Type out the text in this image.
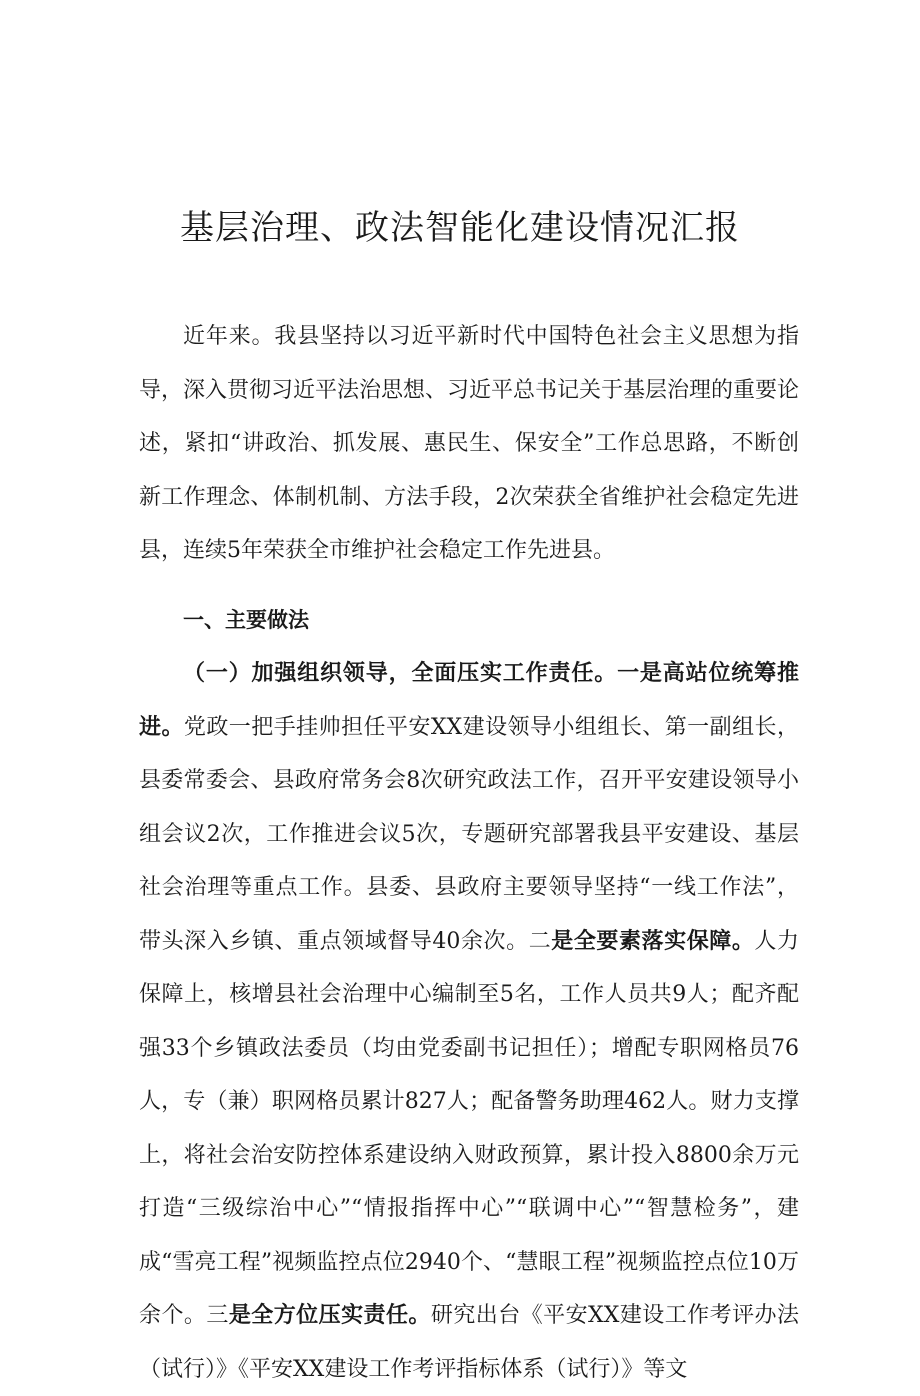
基层治理、政法智能化建设情况汇报

近年来。我县坚持以习近平新时代中国特色社会主义思想为指导，深入贯彻习近平法治思想、习近平总书记关于基层治理的重要论述，紧扣“讲政治、抓发展、惠民生、保安全”工作总思路，不断创新工作理念、体制机制、方法手段，2次荣获全省维护社会稳定先进县，连续5年荣获全市维护社会稳定工作先进县。

一、主要做法

（一）加强组织领导，全面压实工作责任。一是高站位统筹推进。党政一把手挂帅担任平安XX建设领导小组组长、第一副组长，县委常委会、县政府常务会8次研究政法工作，召开平安建设领导小组会议2次，工作推进会议5次，专题研究部署我县平安建设、基层社会治理等重点工作。县委、县政府主要领导坚持“一线工作法”，带头深入乡镇、重点领域督导40余次。二是全要素落实保障。人力保障上，核增县社会治理中心编制至5名，工作人员共9人；配齐配强33个乡镇政法委员（均由党委副书记担任）；增配专职网格员76人，专（兼）职网格员累计827人；配备警务助理462人。财力支撑上，将社会治安防控体系建设纳入财政预算，累计投入8800余万元打造“三级综治中心”“情报指挥中心”“联调中心”“智慧检务”，建成“雪亮工程”视频监控点位2940个、“慧眼工程”视频监控点位10万余个。三是全方位压实责任。研究出台《平安XX建设工作考评办法（试行）》《平安XX建设工作考评指标体系（试行）》等文
